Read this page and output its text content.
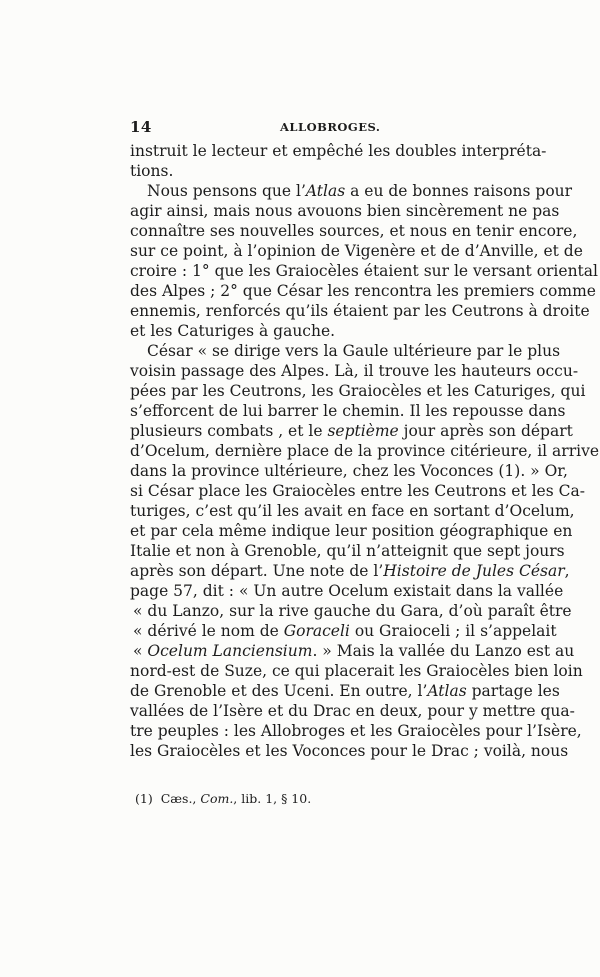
14	ALLOBROGES.
instruit le lecteur et empêché les doubles interpréta-
tions.
Nous pensons que l’Atlas a eu de bonnes raisons pour
agir ainsi, mais nous avouons bien sincèrement ne pas
connaître ses nouvelles sources, et nous en tenir encore,
sur ce point, à l’opinion de Vigenère et de d’Anville, et de
croire : 1° que les Graiocèles étaient sur le versant oriental
des Alpes ; 2° que César les rencontra les premiers comme
ennemis, renforcés qu’ils étaient par les Ceutrons à droite
et les Caturiges à gauche.
César « se dirige vers la Gaule ultérieure par le plus
voisin passage des Alpes. Là, il trouve les hauteurs occu-
pées par les Ceutrons, les Graiocèles et les Caturiges, qui
s’efforcent de lui barrer le chemin. Il les repousse dans
plusieurs combats , et le septième jour après son départ
d’Ocelum, dernière place de la province citérieure, il arrive
dans la province ultérieure, chez les Voconces (1). » Or,
si César place les Graiocèles entre les Ceutrons et les Ca-
turiges, c’est qu’il les avait en face en sortant d’Ocelum,
et par cela même indique leur position géographique en
Italie et non à Grenoble, qu’il n’atteignit que sept jours
après son départ. Une note de l’Histoire de Jules César,
page 57, dit : « Un autre Ocelum existait dans la vallée
« du Lanzo, sur la rive gauche du Gara, d’où paraît être
« dérivé le nom de Goraceli ou Graioceli ; il s’appelait
« Ocelum Lanciensium. » Mais la vallée du Lanzo est au
nord-est de Suze, ce qui placerait les Graiocèles bien loin
de Grenoble et des Uceni. En outre, l’Atlas partage les
vallées de l’Isère et du Drac en deux, pour y mettre qua-
tre peuples : les Allobroges et les Graiocèles pour l’Isère,
les Graiocèles et les Voconces pour le Drac ; voilà, nous
(1) Cæs., Com., lib. 1, § 10.
